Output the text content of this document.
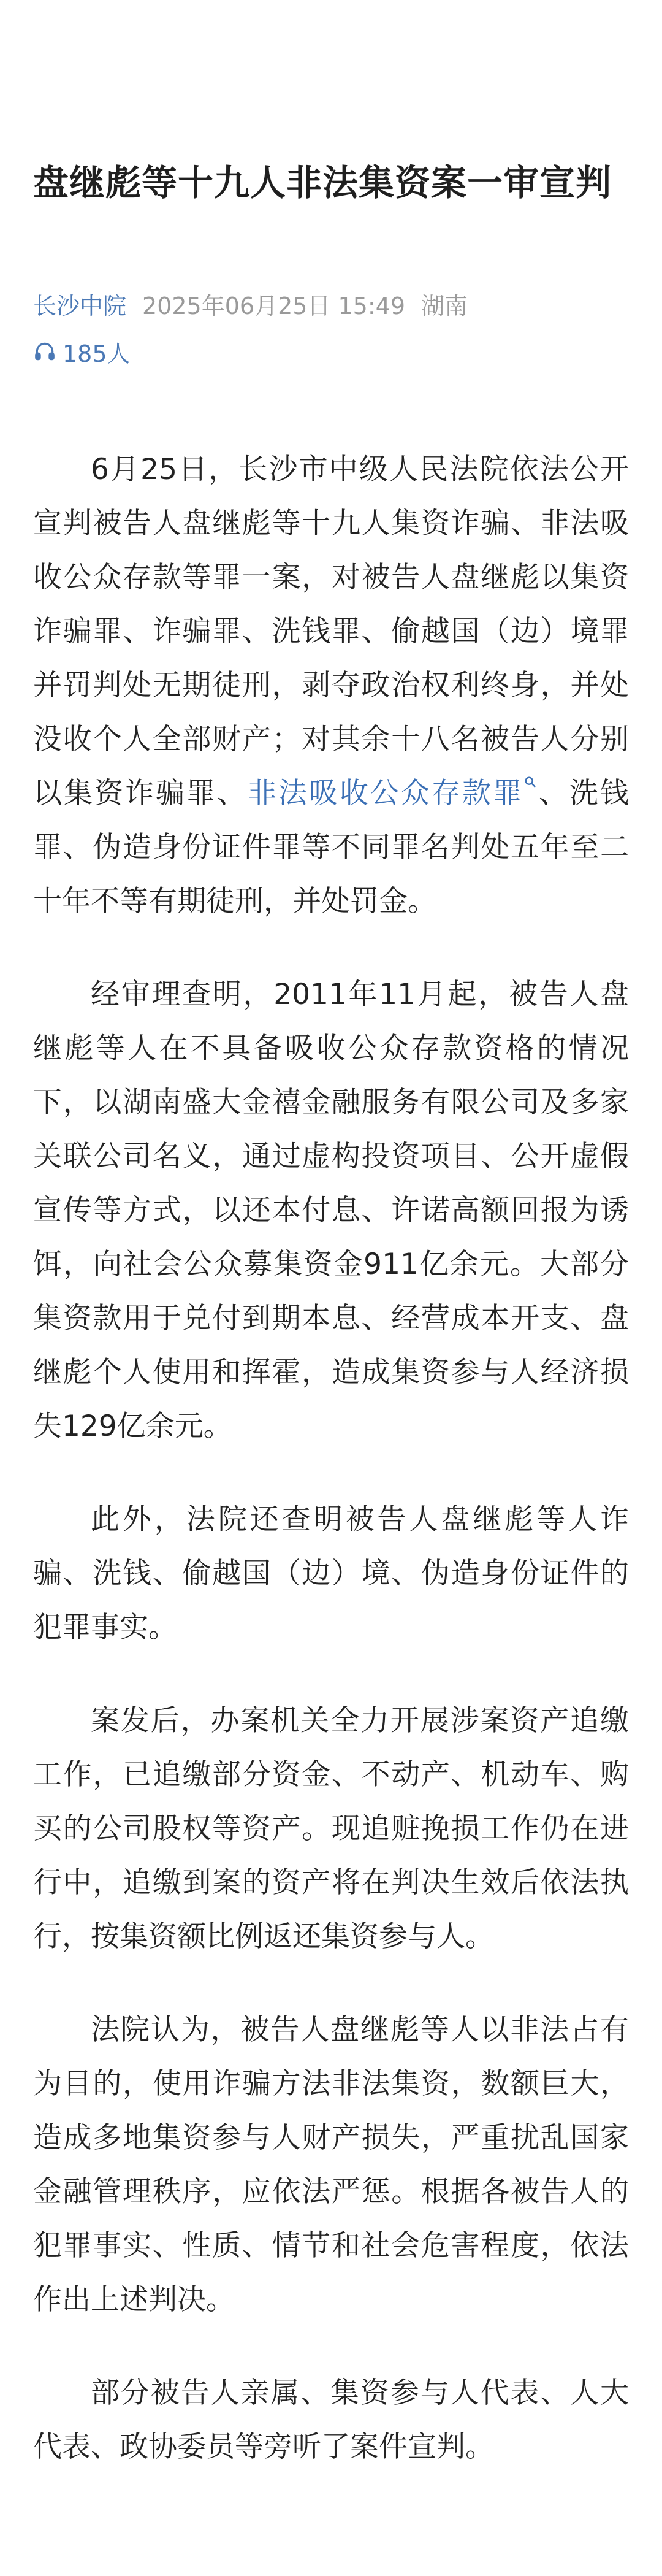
盘继彪等十九人非法集资案一审宣判
长沙中院 2025年06月25日 15:49 湖南
185人

6月25日，长沙市中级人民法院依法公开宣判被告人盘继彪等十九人集资诈骗、非法吸收公众存款等罪一案，对被告人盘继彪以集资诈骗罪、诈骗罪、洗钱罪、偷越国（边）境罪并罚判处无期徒刑，剥夺政治权利终身，并处没收个人全部财产；对其余十八名被告人分别以集资诈骗罪、非法吸收公众存款罪 、洗钱罪、伪造身份证件罪等不同罪名判处五年至二十年不等有期徒刑，并处罚金。

经审理查明，2011年11月起，被告人盘继彪等人在不具备吸收公众存款资格的情况下，以湖南盛大金禧金融服务有限公司及多家关联公司名义，通过虚构投资项目、公开虚假宣传等方式，以还本付息、许诺高额回报为诱饵，向社会公众募集资金911亿余元。大部分集资款用于兑付到期本息、经营成本开支、盘继彪个人使用和挥霍，造成集资参与人经济损失129亿余元。

此外，法院还查明被告人盘继彪等人诈骗、洗钱、偷越国（边）境、伪造身份证件的犯罪事实。

案发后，办案机关全力开展涉案资产追缴工作，已追缴部分资金、不动产、机动车、购买的公司股权等资产。现追赃挽损工作仍在进行中，追缴到案的资产将在判决生效后依法执行，按集资额比例返还集资参与人。

法院认为，被告人盘继彪等人以非法占有为目的，使用诈骗方法非法集资，数额巨大，造成多地集资参与人财产损失，严重扰乱国家金融管理秩序，应依法严惩。根据各被告人的犯罪事实、性质、情节和社会危害程度，依法作出上述判决。

部分被告人亲属、集资参与人代表、人大代表、政协委员等旁听了案件宣判。
